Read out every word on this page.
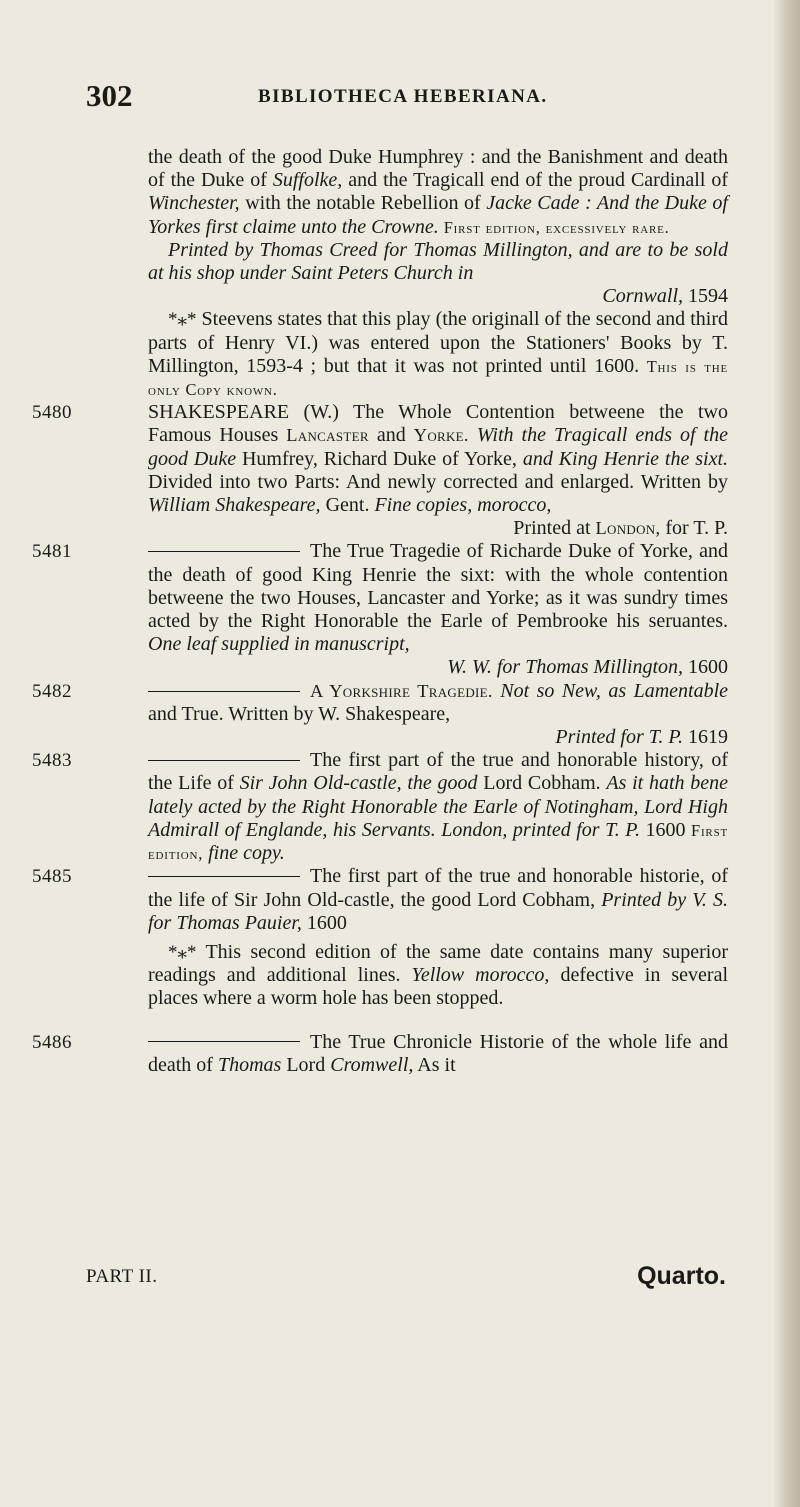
302	BIBLIOTHECA HEBERIANA.

the death of the good Duke Humphrey : and the Banishment and death of the Duke of Suffolke, and the Tragicall end of the proud Cardinall of Winchester, with the notable Rebellion of Jacke Cade : And the Duke of Yorkes first claime unto the Crowne. First edition, excessively rare.

Printed by Thomas Creed for Thomas Millington, and are to be sold at his shop under Saint Peters Church in

Cornwall, 1594

*⁎* Steevens states that this play (the originall of the second and third parts of Henry VI.) was entered upon the Stationers' Books by T. Millington, 1593-4 ; but that it was not printed until 1600. This is the only Copy known.

5480	SHAKESPEARE (W.) The Whole Contention betweene the two Famous Houses Lancaster and Yorke. With the Tragicall ends of the good Duke Humfrey, Richard Duke of Yorke, and King Henrie the sixt. Divided into two Parts: And newly corrected and enlarged. Written by William Shakespeare, Gent. Fine copies, morocco,

Printed at London, for T. P.

5481	The True Tragedie of Richarde Duke of Yorke, and the death of good King Henrie the sixt: with the whole contention betweene the two Houses, Lancaster and Yorke; as it was sundry times acted by the Right Honorable the Earle of Pembrooke his seruantes. One leaf supplied in manuscript,

W. W. for Thomas Millington, 1600

5482	A Yorkshire Tragedie. Not so New, as Lamentable and True. Written by W. Shakespeare,

Printed for T. P. 1619

5483	The first part of the true and honorable history, of the Life of Sir John Old-castle, the good Lord Cobham. As it hath bene lately acted by the Right Honorable the Earle of Notingham, Lord High Admirall of Englande, his Servants. London, printed for T. P. 1600 First edition, fine copy.

5485	The first part of the true and honorable historie, of the life of Sir John Old-castle, the good Lord Cobham, Printed by V. S. for Thomas Pauier, 1600

*⁎* This second edition of the same date contains many superior readings and additional lines. Yellow morocco, defective in several places where a worm hole has been stopped.

5486	The True Chronicle Historie of the whole life and death of Thomas Lord Cromwell, As it

PART II.	Quarto.
